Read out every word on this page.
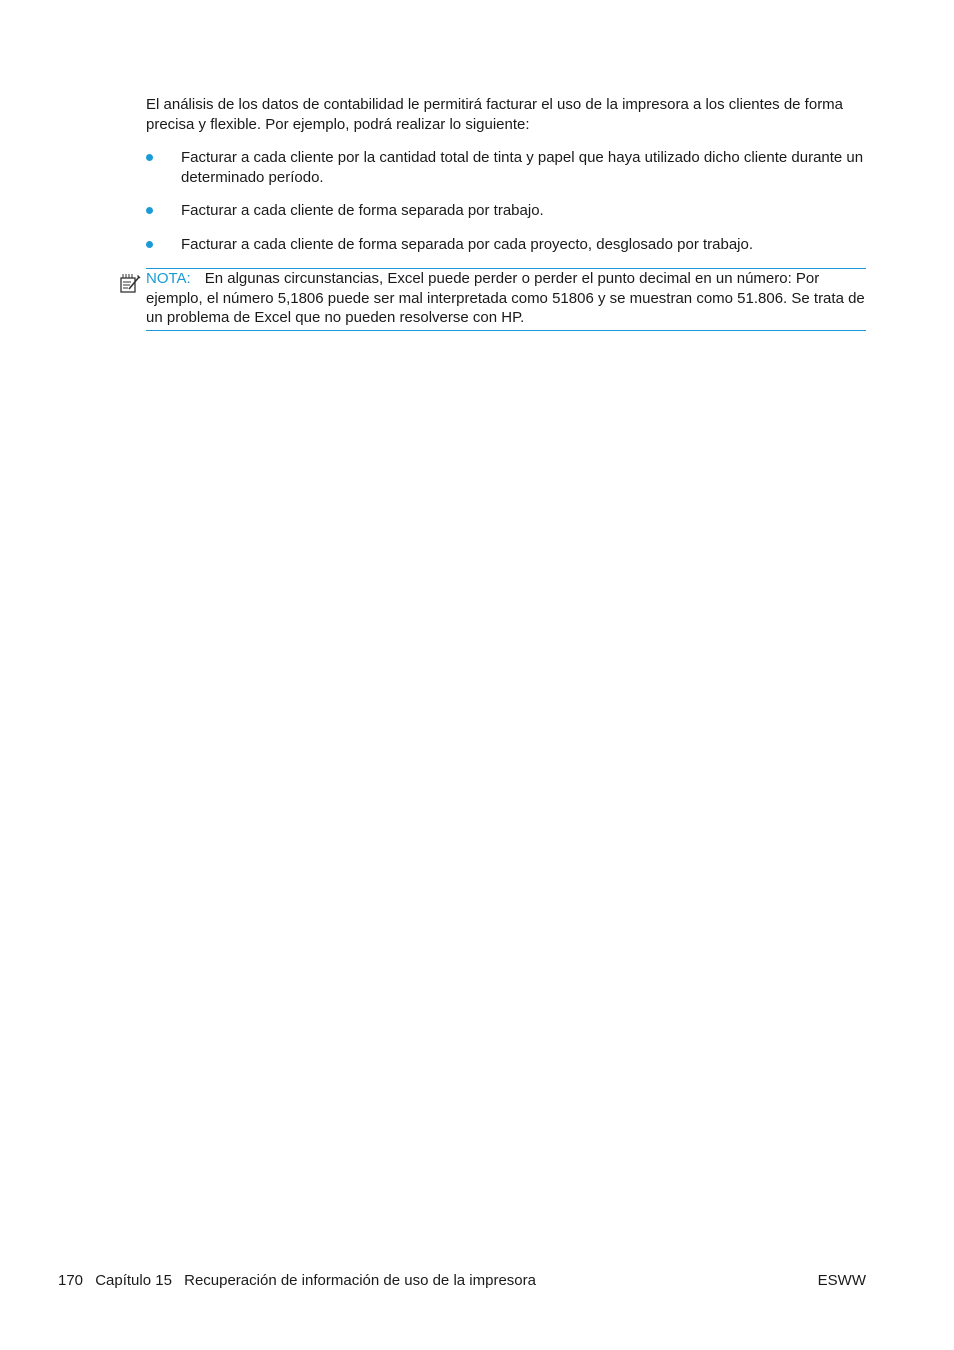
El análisis de los datos de contabilidad le permitirá facturar el uso de la impresora a los clientes de forma precisa y flexible. Por ejemplo, podrá realizar lo siguiente:

Facturar a cada cliente por la cantidad total de tinta y papel que haya utilizado dicho cliente durante un determinado período.
Facturar a cada cliente de forma separada por trabajo.
Facturar a cada cliente de forma separada por cada proyecto, desglosado por trabajo.
NOTA: En algunas circunstancias, Excel puede perder o perder el punto decimal en un número: Por ejemplo, el número 5,1806 puede ser mal interpretada como 51806 y se muestran como 51.806. Se trata de un problema de Excel que no pueden resolverse con HP.
170 Capítulo 15 Recuperación de información de uso de la impresora	ESWW
